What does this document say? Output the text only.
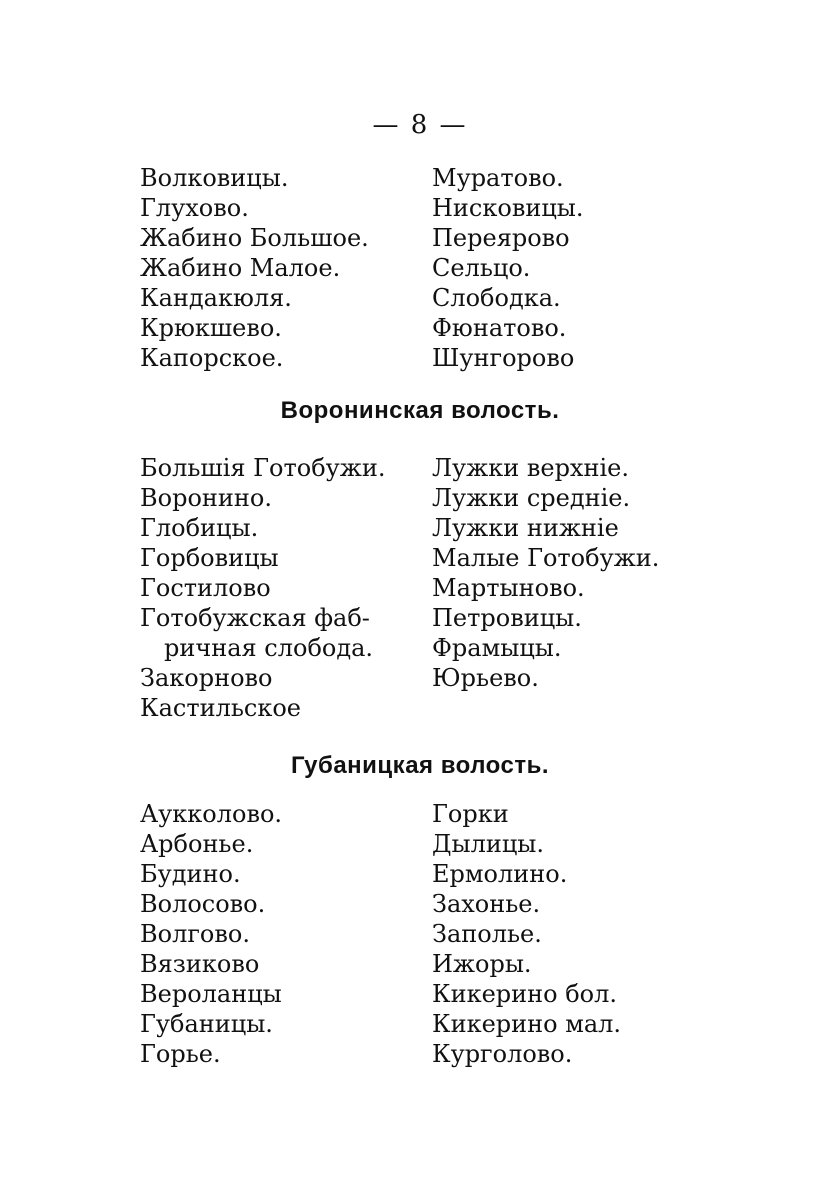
— 8 —
Волковицы.
Глухово.
Жабино Большое.
Жабино Малое.
Кандакюля.
Крюкшево.
Капорское.
Муратово.
Нисковицы.
Переярово
Сельцо.
Слободка.
Фюнатово.
Шунгорово
Воронинская волость.
Большія Готобужи.
Воронино.
Глобицы.
Горбовицы
Гостилово
Готобужская фаб-
ричная слобода.
Закорново
Кастильское
Лужки верхніе.
Лужки средніе.
Лужки нижніе
Малые Готобужи.
Мартыново.
Петровицы.
Фрамыцы.
Юрьево.
Губаницкая волость.
Аукколово.
Арбонье.
Будино.
Волосово.
Волгово.
Вязиково
Вероланцы
Губаницы.
Горье.
Горки
Дылицы.
Ермолино.
Захонье.
Заполье.
Ижоры.
Кикерино бол.
Кикерино мал.
Курголово.
